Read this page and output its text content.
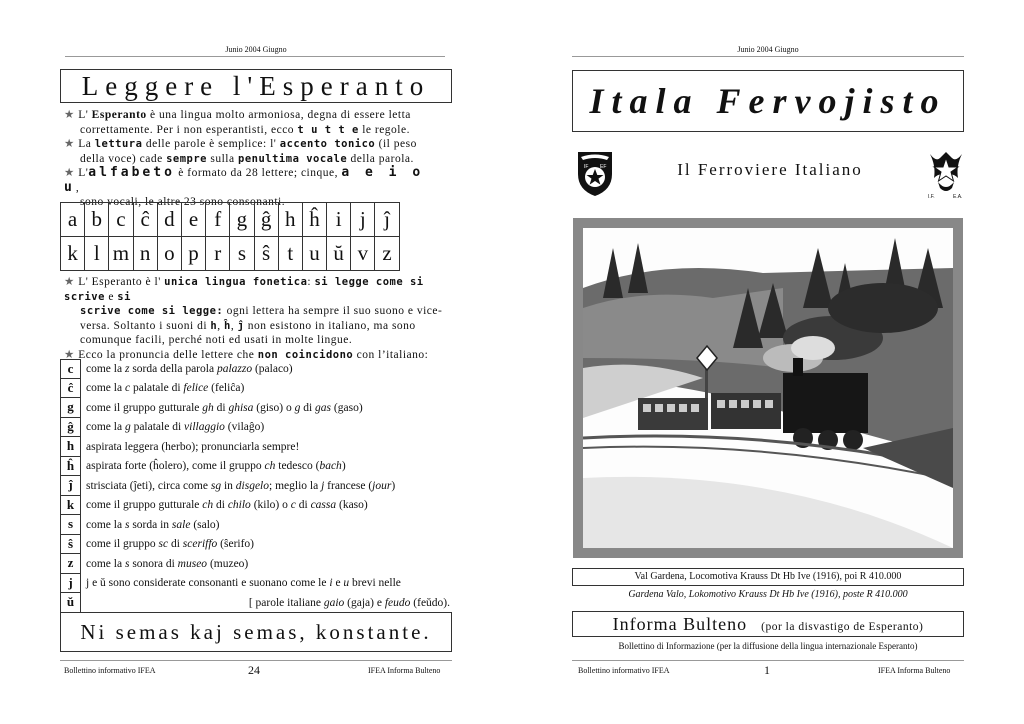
Junio 2004 Giugno
Leggere l'Esperanto
★ L' Esperanto è una lingua molto armoniosa, degna di essere letta
correttamente. Per i non esperantisti, ecco t u t t e le regole.
★ La lettura delle parole è semplice: l' accento tonico (il peso
della voce) cade sempre sulla penultima vocale della parola.
★ L'alfabeto è formato da 28 lettere; cinque, a e i o u,
sono vocali, le altre 23 sono consonanti.
a	b	c	ĉ	d	e	f	g	ĝ	h	ĥ	i	j	ĵ
k	l	m	n	o	p	r	s	ŝ	t	u	ŭ	v	z
★ L' Esperanto è l' unica lingua fonetica: si legge come si scrive e si
scrive come si legge: ogni lettera ha sempre il suo suono e vice-
versa. Soltanto i suoni di h, ĥ, ĵ non esistono in italiano, ma sono
comunque facili, perché noti ed usati in molte lingue.
★ Ecco la pronuncia delle lettere che non coincidono con l’italiano:
c	come la z sorda della parola palazzo (palaco)
ĉ	come la c palatale di felice (feliĉa)
g	come il gruppo gutturale gh di ghisa (giso) o g di gas (gaso)
ĝ	come la g palatale di villaggio (vilaĝo)
h	aspirata leggera (herbo); pronunciarla sempre!
ĥ	aspirata forte (ĥolero), come il gruppo ch tedesco (bach)
ĵ	strisciata (ĵeti), circa come sg in disgelo; meglio la j francese (jour)
k	come il gruppo gutturale ch di chilo (kilo) o c di cassa (kaso)
s	come la s sorda in sale (salo)
ŝ	come il gruppo sc di sceriffo (ŝerifo)
z	come la s sonora di museo (muzeo)
j	j e ŭ sono considerate consonanti e suonano come le i e u brevi nelle
ŭ	[ parole italiane gaio (gaja) e feudo (feŭdo).
Ni semas kaj semas, konstante.
Bollettino informativo IFEA	24	IFEA Informa Bulteno
Junio 2004 Giugno
Itala Fervojisto
IF EF	Il Ferroviere Italiano
I.F.	E.A.
Val Gardena, Locomotiva Krauss Dt Hb Ive (1916), poi R 410.000
Gardena Valo, Lokomotivo Krauss Dt Hb Ive (1916), poste R 410.000
Informa Bulteno (por la disvastigo de Esperanto)
Bollettino di Informazione (per la diffusione della lingua internazionale Esperanto)
Bollettino informativo IFEA	1	IFEA Informa Bulteno
